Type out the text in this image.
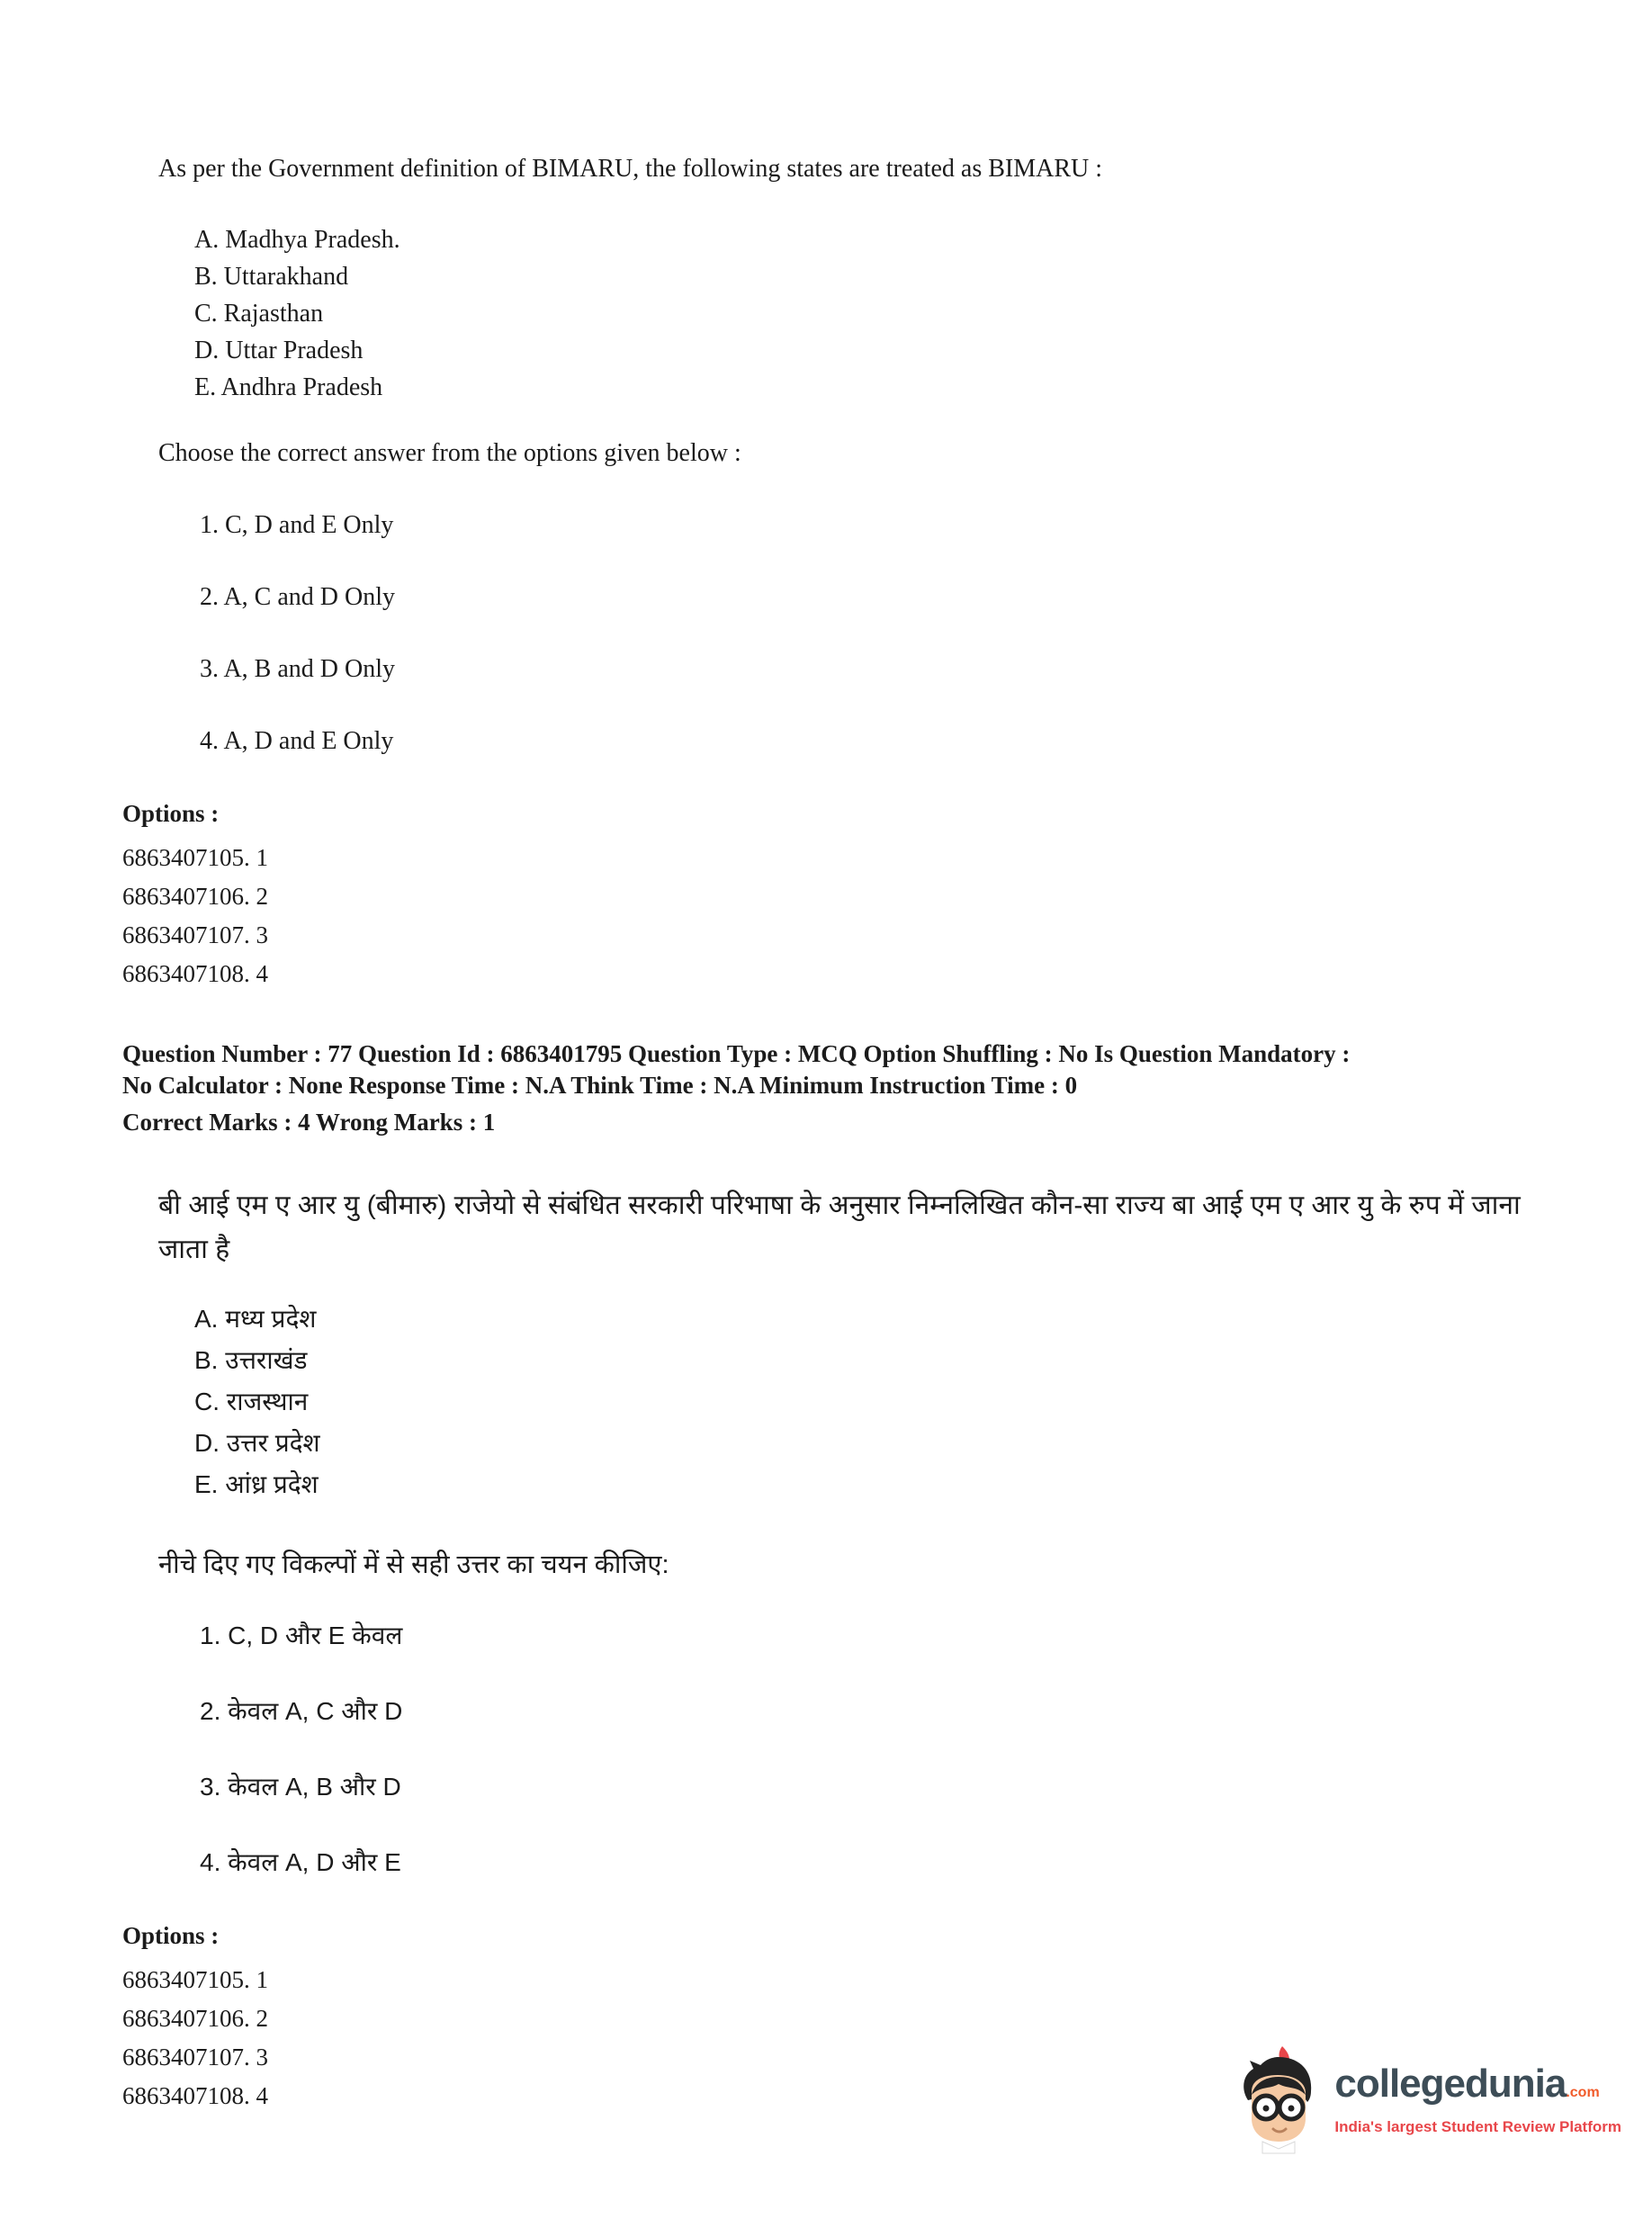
As per the Government definition of BIMARU, the following states are treated as BIMARU :
A. Madhya Pradesh.
B. Uttarakhand
C. Rajasthan
D. Uttar Pradesh
E. Andhra Pradesh
Choose the correct answer from the options given below :
1. C, D and E Only
2. A, C and D Only
3. A, B and D Only
4. A, D and E Only
Options :
6863407105. 1
6863407106. 2
6863407107. 3
6863407108. 4
Question Number : 77 Question Id : 6863401795 Question Type : MCQ Option Shuffling : No Is Question Mandatory :
No Calculator : None Response Time : N.A Think Time : N.A Minimum Instruction Time : 0
Correct Marks : 4 Wrong Marks : 1
बी आई एम ए आर यु (बीमारु) राजेयो से संबंधित सरकारी परिभाषा के अनुसार निम्नलिखित कौन-सा राज्य बा आई एम ए आर यु के रुप में जाना जाता है
A. मध्य प्रदेश
B. उत्तराखंड
C. राजस्थान
D. उत्तर प्रदेश
E. आंध्र प्रदेश
नीचे दिए गए विकल्पों में से सही उत्तर का चयन कीजिए:
1. C, D और E केवल
2. केवल A, C और D
3. केवल A, B और D
4. केवल A, D और E
Options :
6863407105. 1
6863407106. 2
6863407107. 3
6863407108. 4	collegedunia.com
India's largest Student Review Platform
